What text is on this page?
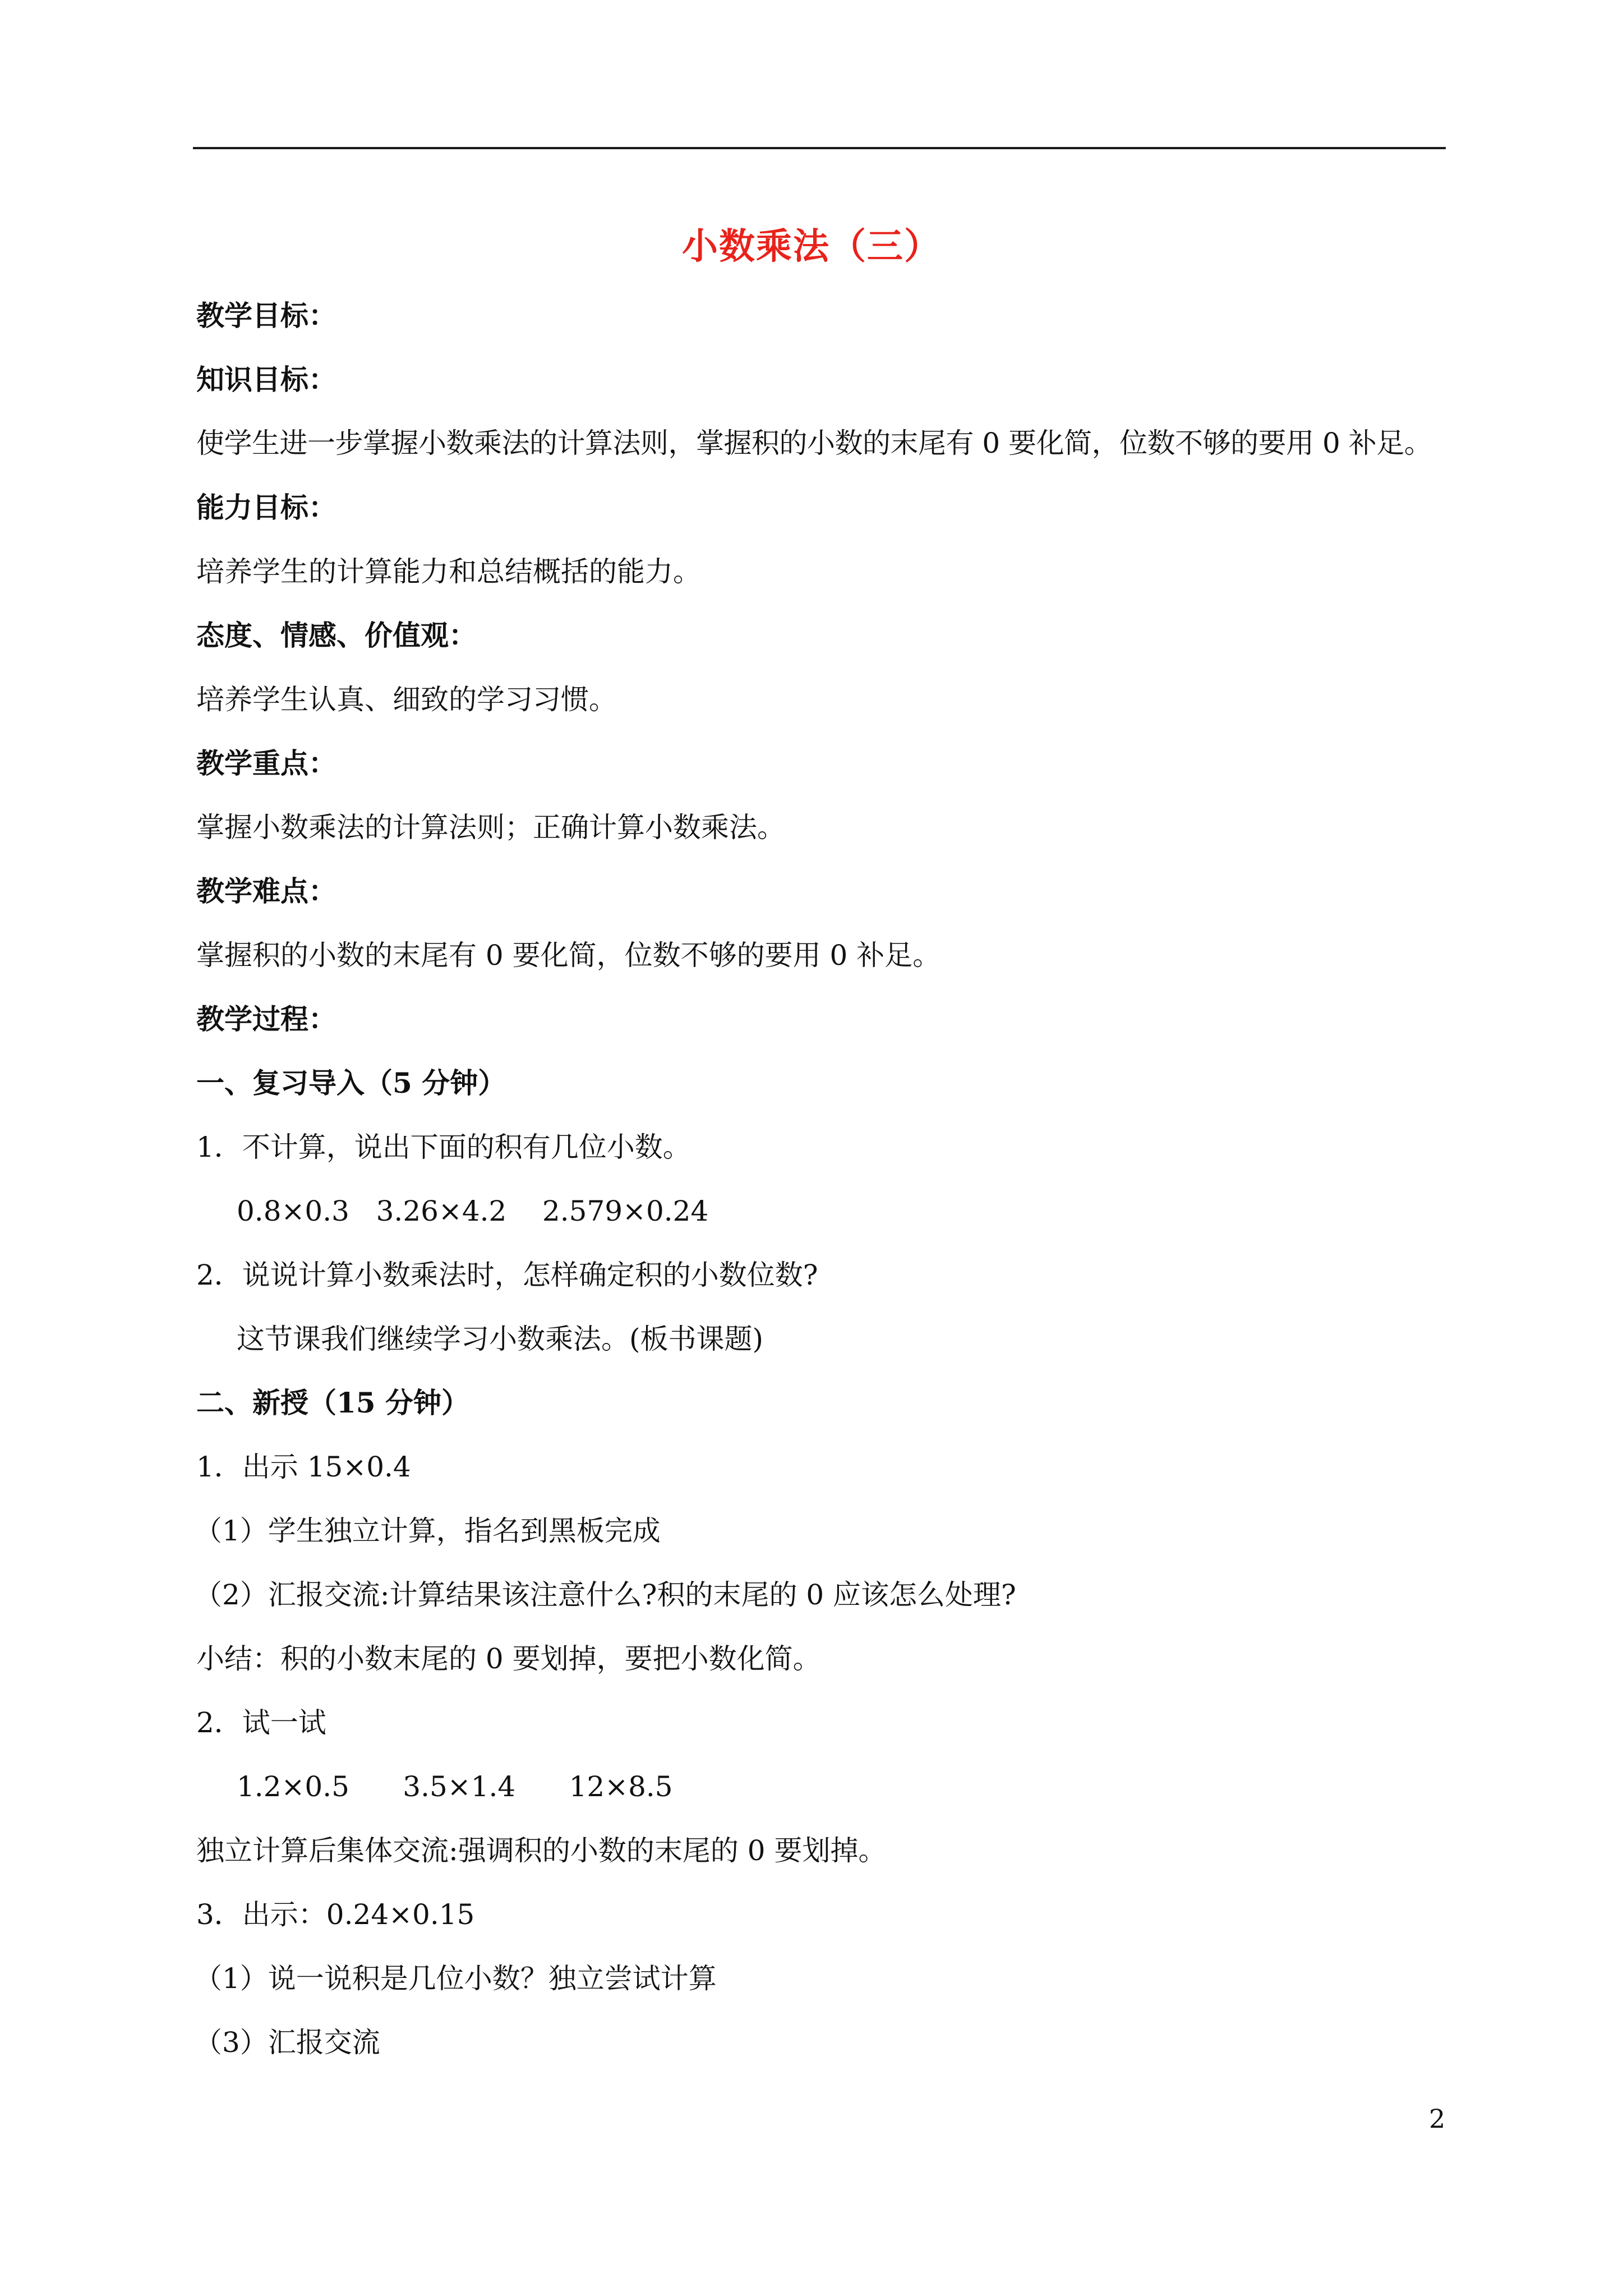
小数乘法（三）
教学目标：
知识目标：
使学生进一步掌握小数乘法的计算法则，掌握积的小数的末尾有 0 要化简，位数不够的要用 0 补足。
能力目标：
培养学生的计算能力和总结概括的能力。
态度、情感、价值观：
培养学生认真、细致的学习习惯。
教学重点：
掌握小数乘法的计算法则；正确计算小数乘法。
教学难点：
掌握积的小数的末尾有 0 要化简，位数不够的要用 0 补足。
教学过程：
一、复习导入（5 分钟）
1．不计算，说出下面的积有几位小数。
0.8×0.3   3.26×4.2    2.579×0.24
2．说说计算小数乘法时，怎样确定积的小数位数?
这节课我们继续学习小数乘法。(板书课题)
二、新授（15 分钟）
1．出示 15×0.4
（1）学生独立计算，指名到黑板完成
（2）汇报交流:计算结果该注意什么?积的末尾的 0 应该怎么处理?
小结：积的小数末尾的 0 要划掉，要把小数化简。
2．试一试
1.2×0.5      3.5×1.4      12×8.5
独立计算后集体交流:强调积的小数的末尾的 0 要划掉。
3．出示：0.24×0.15
（1）说一说积是几位小数？独立尝试计算
（3）汇报交流
2
